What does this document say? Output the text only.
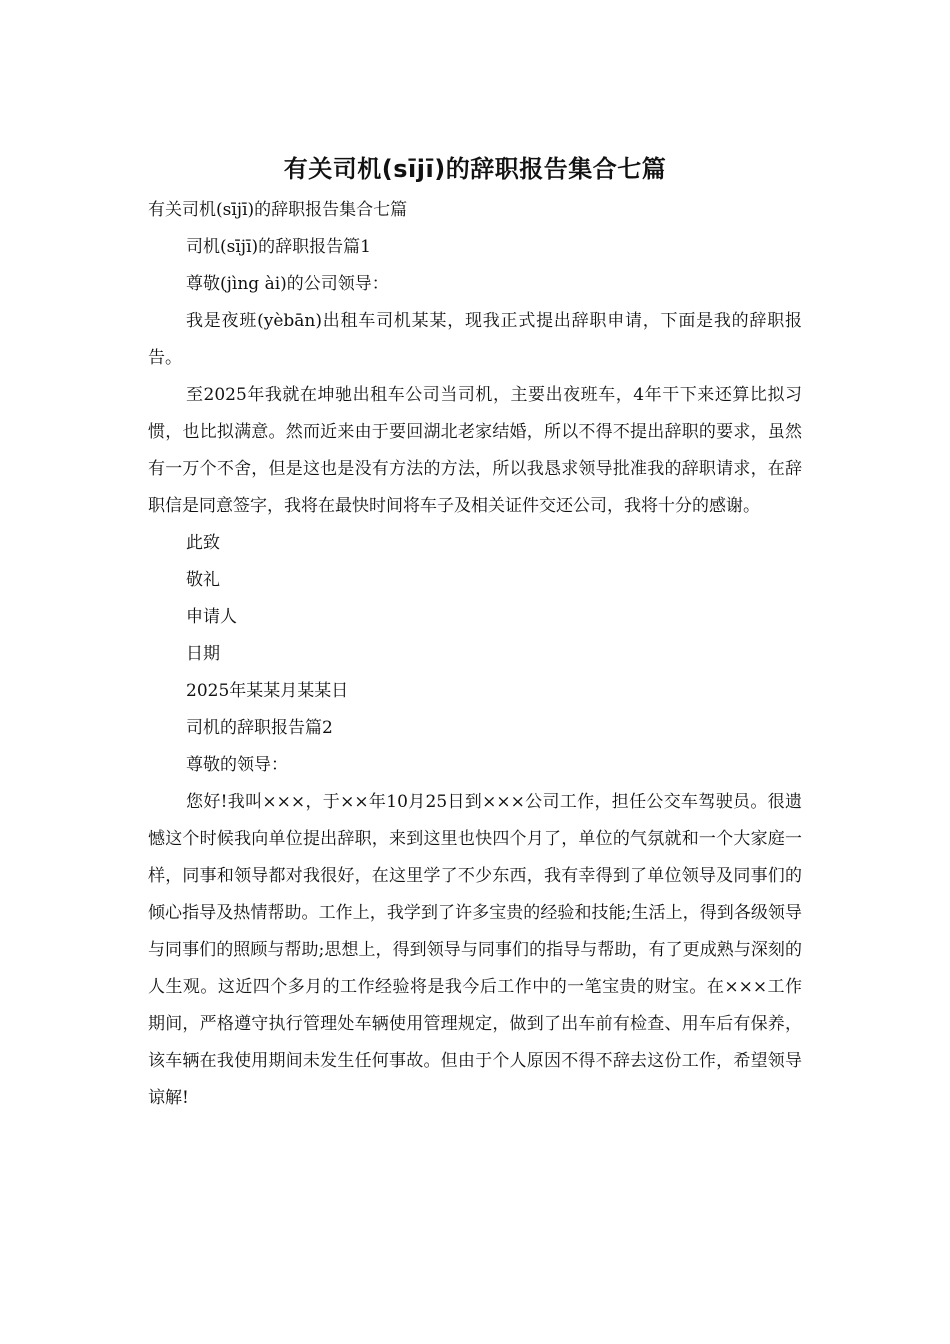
有关司机(sījī)的辞职报告集合七篇

有关司机(sījī)的辞职报告集合七篇

司机(sījī)的辞职报告篇1

尊敬(jìng ài)的公司领导：

我是夜班(yèbān)出租车司机某某，现我正式提出辞职申请，下面是我的辞职报告。

至2025年我就在坤驰出租车公司当司机，主要出夜班车，4年干下来还算比拟习惯，也比拟满意。然而近来由于要回湖北老家结婚，所以不得不提出辞职的要求，虽然有一万个不舍，但是这也是没有方法的方法，所以我恳求领导批准我的辞职请求，在辞职信是同意签字，我将在最快时间将车子及相关证件交还公司，我将十分的感谢。

此致

敬礼

申请人

日期

2025年某某月某某日

司机的辞职报告篇2

尊敬的领导：

您好!我叫×××，于××年10月25日到×××公司工作，担任公交车驾驶员。很遗憾这个时候我向单位提出辞职，来到这里也快四个月了，单位的气氛就和一个大家庭一样，同事和领导都对我很好，在这里学了不少东西，我有幸得到了单位领导及同事们的倾心指导及热情帮助。工作上，我学到了许多宝贵的经验和技能;生活上，得到各级领导与同事们的照顾与帮助;思想上，得到领导与同事们的指导与帮助，有了更成熟与深刻的人生观。这近四个多月的工作经验将是我今后工作中的一笔宝贵的财宝。在×××工作期间，严格遵守执行管理处车辆使用管理规定，做到了出车前有检查、用车后有保养，该车辆在我使用期间未发生任何事故。但由于个人原因不得不辞去这份工作，希望领导谅解!
